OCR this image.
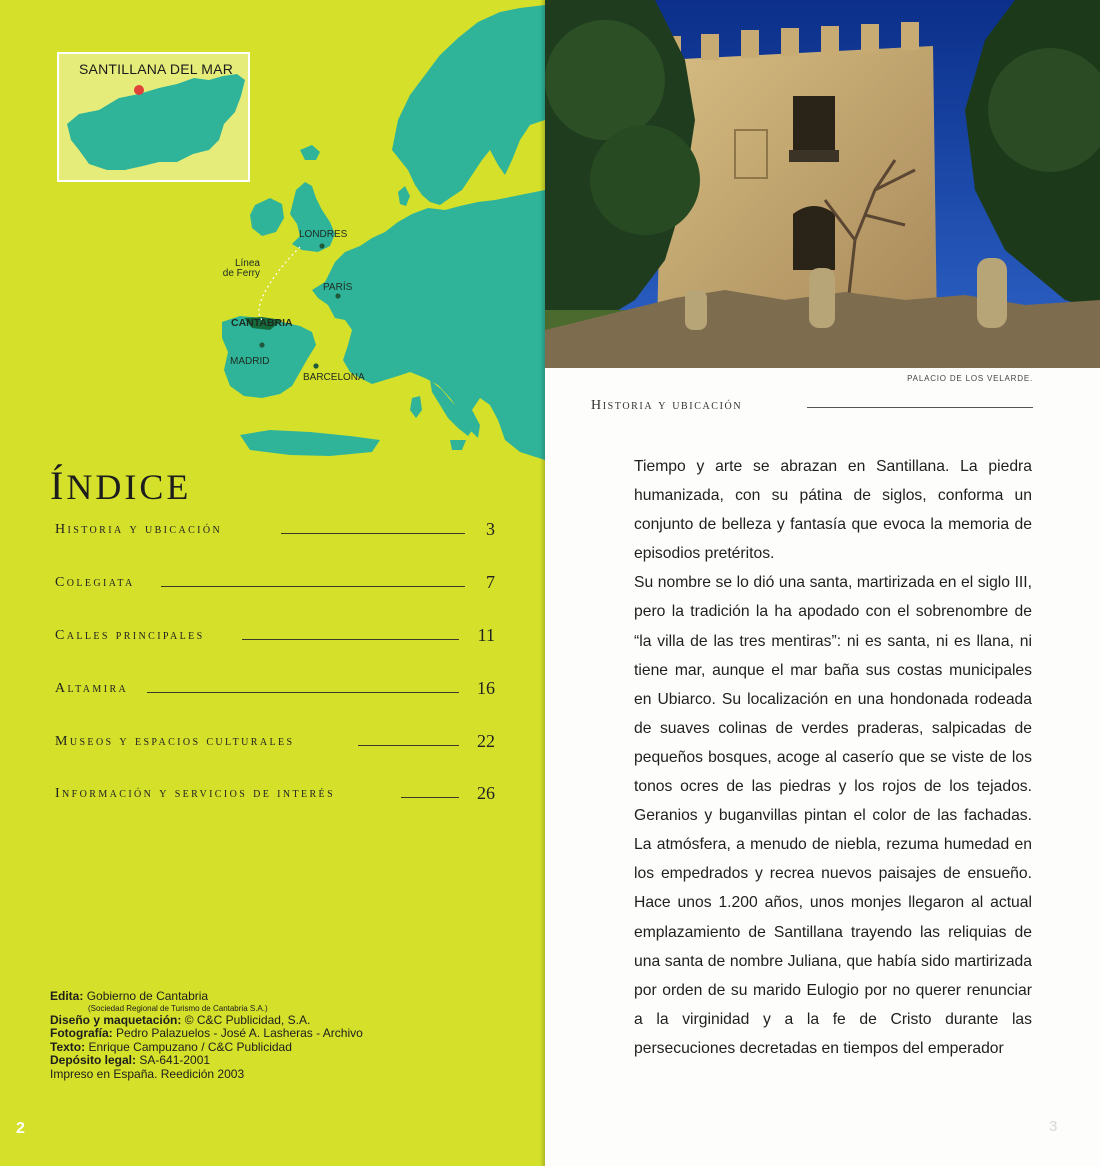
SANTILLANA DEL MAR
LONDRES
Línea
de Ferry
PARÍS
CANTABRIA
MADRID
BARCELONA
ÍNDICE
Historia y ubicación	3
Colegiata	7
Calles principales	11
Altamira	16
Museos y espacios culturales	22
Información y servicios de interés	26
Edita: Gobierno de Cantabria
(Sociedad Regional de Turismo de Cantabria S.A.)
Diseño y maquetación: © C&C Publicidad, S.A.
Fotografía: Pedro Palazuelos - José A. Lasheras - Archivo
Texto: Enrique Campuzano / C&C Publicidad
Depósito legal: SA-641-2001
Impreso en España. Reedición 2003
2
PALACIO DE LOS VELARDE.
Historia y ubicación

Tiempo y arte se abrazan en Santillana. La piedra humanizada, con su pátina de siglos, conforma un conjunto de belleza y fantasía que evoca la memoria de episodios pretéritos.

Su nombre se lo dió una santa, martirizada en el siglo III, pero la tradición la ha apodado con el sobrenombre de “la villa de las tres mentiras”: ni es santa, ni es llana, ni tiene mar, aunque el mar baña sus costas municipales en Ubiarco. Su localización en una hondonada rodeada de suaves colinas de verdes praderas, salpicadas de pequeños bosques, acoge al caserío que se viste de los tonos ocres de las piedras y los rojos de los tejados. Geranios y buganvillas pintan el color de las fachadas. La atmósfera, a menudo de niebla, rezuma humedad en los empedrados y recrea nuevos paisajes de ensueño. Hace unos 1.200 años, unos monjes llegaron al actual emplazamiento de Santillana trayendo las reliquias de una santa de nombre Juliana, que había sido martirizada por orden de su marido Eulogio por no querer renunciar a la virginidad y a la fe de Cristo durante las persecuciones decretadas en tiempos del emperador

3
